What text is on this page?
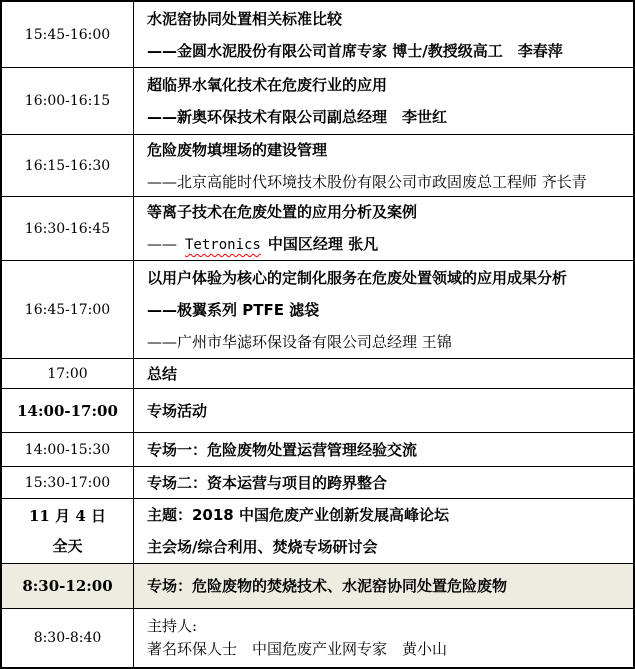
15:45-16:00
水泥窑协同处置相关标准比较
——金圆水泥股份有限公司首席专家 博士/教授级高工　李春萍
16:00-16:15
超临界水氧化技术在危废行业的应用
——新奥环保技术有限公司副总经理　李世红
16:15-16:30
危险废物填埋场的建设管理
——北京高能时代环境技术股份有限公司市政固废总工程师 齐长青
16:30-16:45
等离子技术在危废处置的应用分析及案例
—— Tetronics 中国区经理 张凡
16:45-17:00
以用户体验为核心的定制化服务在危废处置领域的应用成果分析
——极翼系列 PTFE 滤袋
——广州市华滤环保设备有限公司总经理 王锦
17:00	总结
14:00-17:00 专场活动
14:00-15:30 专场一：危险废物处置运营管理经验交流
15:30-17:00 专场二：资本运营与项目的跨界整合
11 月 4 日
全天
主题：2018 中国危废产业创新发展高峰论坛
主会场/综合利用、焚烧专场研讨会
8:30-12:00 专场：危险废物的焚烧技术、水泥窑协同处置危险废物
8:30-8:40
主持人:
著名环保人士　中国危废产业网专家　黄小山
